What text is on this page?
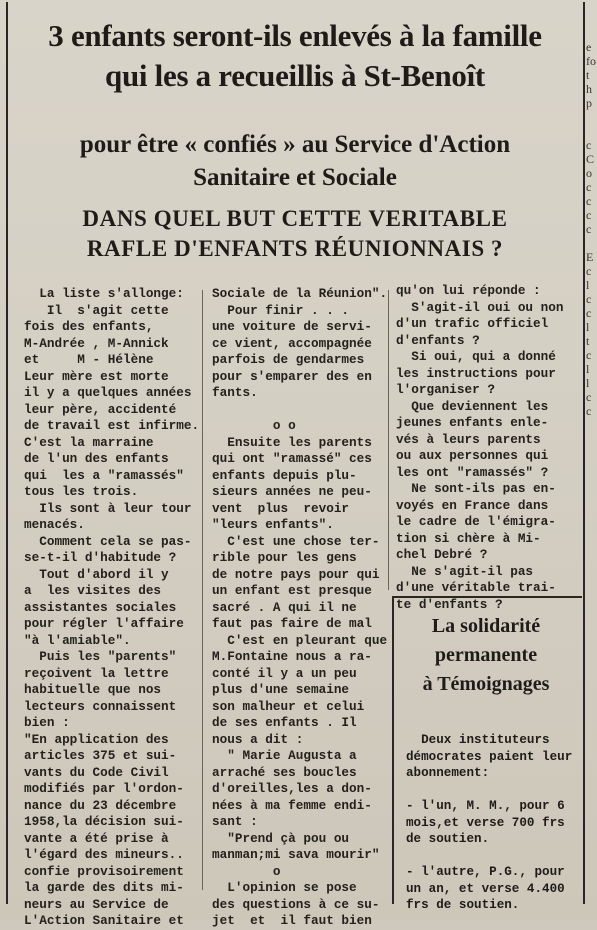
e
fo
t
h
p

c
C
o
c
c
c
c

E
c
l
c
c
l
t
c
l
l
c
c
3 enfants seront-ils enlevés à la famille
qui les a recueillis à St-Benoît
pour être « confiés » au Service d'Action
Sanitaire et Sociale
DANS QUEL BUT CETTE VERITABLE
RAFLE D'ENFANTS RÉUNIONNAIS ?

La liste s'allonge:

Il  s'agit cette

fois des enfants,

M-Andrée , M-Annick

et     M - Hélène

Leur mère est morte

il y a quelques années

leur père, accidenté

de travail est infirme.

C'est la marraine

de l'un des enfants

qui  les a "ramassés"

tous les trois.

Ils sont à leur tour

menacés.

Comment cela se pas-

se-t-il d'habitude ?

Tout d'abord il y

a  les visites des

assistantes sociales

pour régler l'affaire

"à l'amiable".

Puis les "parents"

reçoivent la lettre

habituelle que nos

lecteurs connaissent

bien :

"En application des

articles 375 et sui-

vants du Code Civil

modifiés par l'ordon-

nance du 23 décembre

1958,la décision sui-

vante a été prise à

l'égard des mineurs..

confie provisoirement

la garde des dits mi-

neurs au Service de

L'Action Sanitaire et

Sociale de la Réunion".

Pour finir . . .

une voiture de servi-

ce vient, accompagnée

parfois de gendarmes

pour s'emparer des en

fants.

o o

Ensuite les parents

qui ont "ramassé" ces

enfants depuis plu-

sieurs années ne peu-

vent  plus  revoir

"leurs enfants".

C'est une chose ter-

rible pour les gens

de notre pays pour qui

un enfant est presque

sacré . A qui il ne

faut pas faire de mal

C'est en pleurant que

M.Fontaine nous a ra-

conté il y a un peu

plus d'une semaine

son malheur et celui

de ses enfants . Il

nous a dit :

" Marie Augusta a

arraché ses boucles

d'oreilles,les a don-

nées à ma femme endi-

sant :

"Prend çà pou ou

manman;mi sava mourir"

o

L'opinion se pose

des questions à ce su-

jet  et  il faut bien

qu'on lui réponde :

S'agit-il oui ou non

d'un trafic officiel

d'enfants ?

Si oui, qui a donné

les instructions pour

l'organiser ?

Que deviennent les

jeunes enfants enle-

vés à leurs parents

ou aux personnes qui

les ont "ramassés" ?

Ne sont-ils pas en-

voyés en France dans

le cadre de l'émigra-

tion si chère à Mi-

chel Debré ?

Ne s'agit-il pas

d'une véritable trai-

te d'enfants ?

La solidarité
permanente
à Témoignages

Deux instituteurs

démocrates paient leur

abonnement:

- l'un, M. M., pour 6

mois,et verse 700 frs

de soutien.

- l'autre, P.G., pour

un an, et verse 4.400

frs de soutien.
